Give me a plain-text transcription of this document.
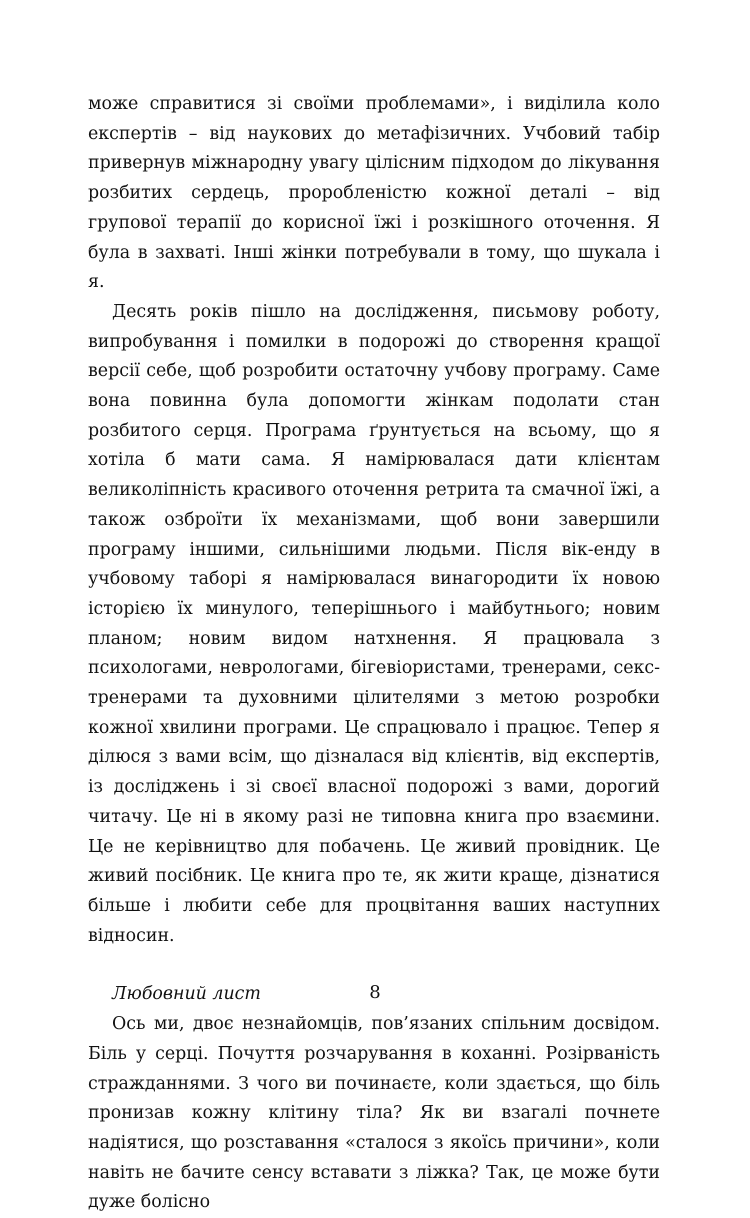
може справитися зі своїми проблемами», і виділила коло експертів – від наукових до метафізичних. Учбовий табір привернув міжнародну увагу цілісним підходом до лікування розбитих сердець, проробленістю кожної деталі – від групової терапії до корисної їжі і розкішного оточення. Я була в захваті. Інші жінки потребували в тому, що шукала і я.

Десять років пішло на дослідження, письмову роботу, випробування і помилки в подорожі до створення кращої версії себе, щоб розробити остаточну учбову програму. Саме вона повинна була допомогти жінкам подолати стан розбитого серця. Програма ґрунтується на всьому, що я хотіла б мати сама. Я намірювалася дати клієнтам великоліпність красивого оточення ретрита та смачної їжі, а також озброїти їх механізмами, щоб вони завершили програму іншими, сильнішими людьми. Після вік-енду в учбовому таборі я намірювалася винагородити їх новою історією їх минулого, теперішнього і майбутнього; новим планом; новим видом натхнення. Я працювала з психологами, неврологами, бігевіористами, тренерами, секс-тренерами та духовними цілителями з метою розробки кожної хвилини програми. Це спрацювало і працює. Тепер я ділюся з вами всім, що дізналася від клієнтів, від експертів, із досліджень і зі своєї власної подорожі з вами, дорогий читачу. Це ні в якому разі не типовна книга про взаємини. Це не керівництво для побачень. Це живий провідник. Це живий посібник. Це книга про те, як жити краще, дізнатися більше і любити себе для процвітання ваших наступних відносин.

Любовний лист

Ось ми, двоє незнайомців, пов’язаних спільним досвідом. Біль у серці. Почуття розчарування в коханні. Розірваність стражданнями. З чого ви починаєте, коли здається, що біль пронизав кожну клітину тіла? Як ви взагалі почнете надіятися, що розставання «сталося з якоїсь причини», коли навіть не бачите сенсу вставати з ліжка? Так, це може бути дуже болісно

8
